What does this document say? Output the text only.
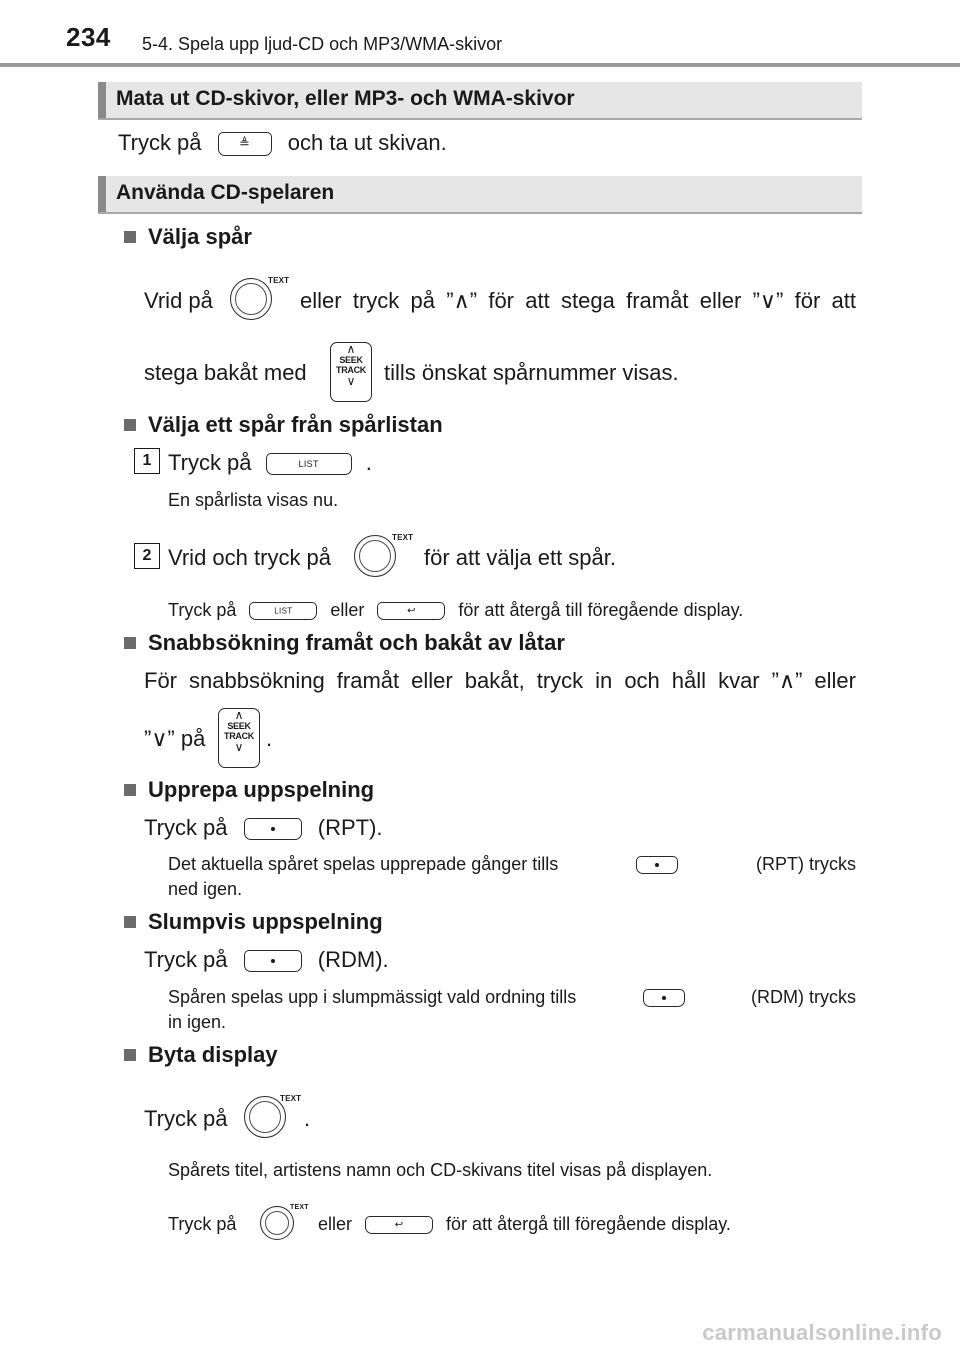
234 5-4. Spela upp ljud-CD och MP3/WMA-skivor
Mata ut CD-skivor, eller MP3- och WMA-skivor
Tryck på	≜	och ta ut skivan.
Använda CD-spelaren
Välja spår
Vrid på
TEXT
eller tryck på ”∧” för att stega framåt eller ”∨” för att
stega bakåt med
∧
SEEK
TRACK
∨	tills önskat spårnummer visas.
Välja ett spår från spårlistan
1 Tryck på	LIST	.
En spårlista visas nu.
2 Vrid och tryck på
TEXT
för att välja ett spår.
Tryck på	LIST	eller	↩	för att återgå till föregående display.
Snabbsökning framåt och bakåt av låtar
För snabbsökning framåt eller bakåt, tryck in och håll kvar ”∧” eller
”∨” på
∧
SEEK
TRACK
∨	.
Upprepa uppspelning
Tryck på	(RPT).
Det aktuella spåret spelas upprepade gånger tills	(RPT) trycks
ned igen.
Slumpvis uppspelning
Tryck på	(RDM).
Spåren spelas upp i slumpmässigt vald ordning tills	(RDM) trycks
in igen.
Byta display
Tryck på
TEXT
.
Spårets titel, artistens namn och CD-skivans titel visas på displayen.
Tryck på
TEXT
eller	↩	för att återgå till föregående display.
carmanualsonline.info
